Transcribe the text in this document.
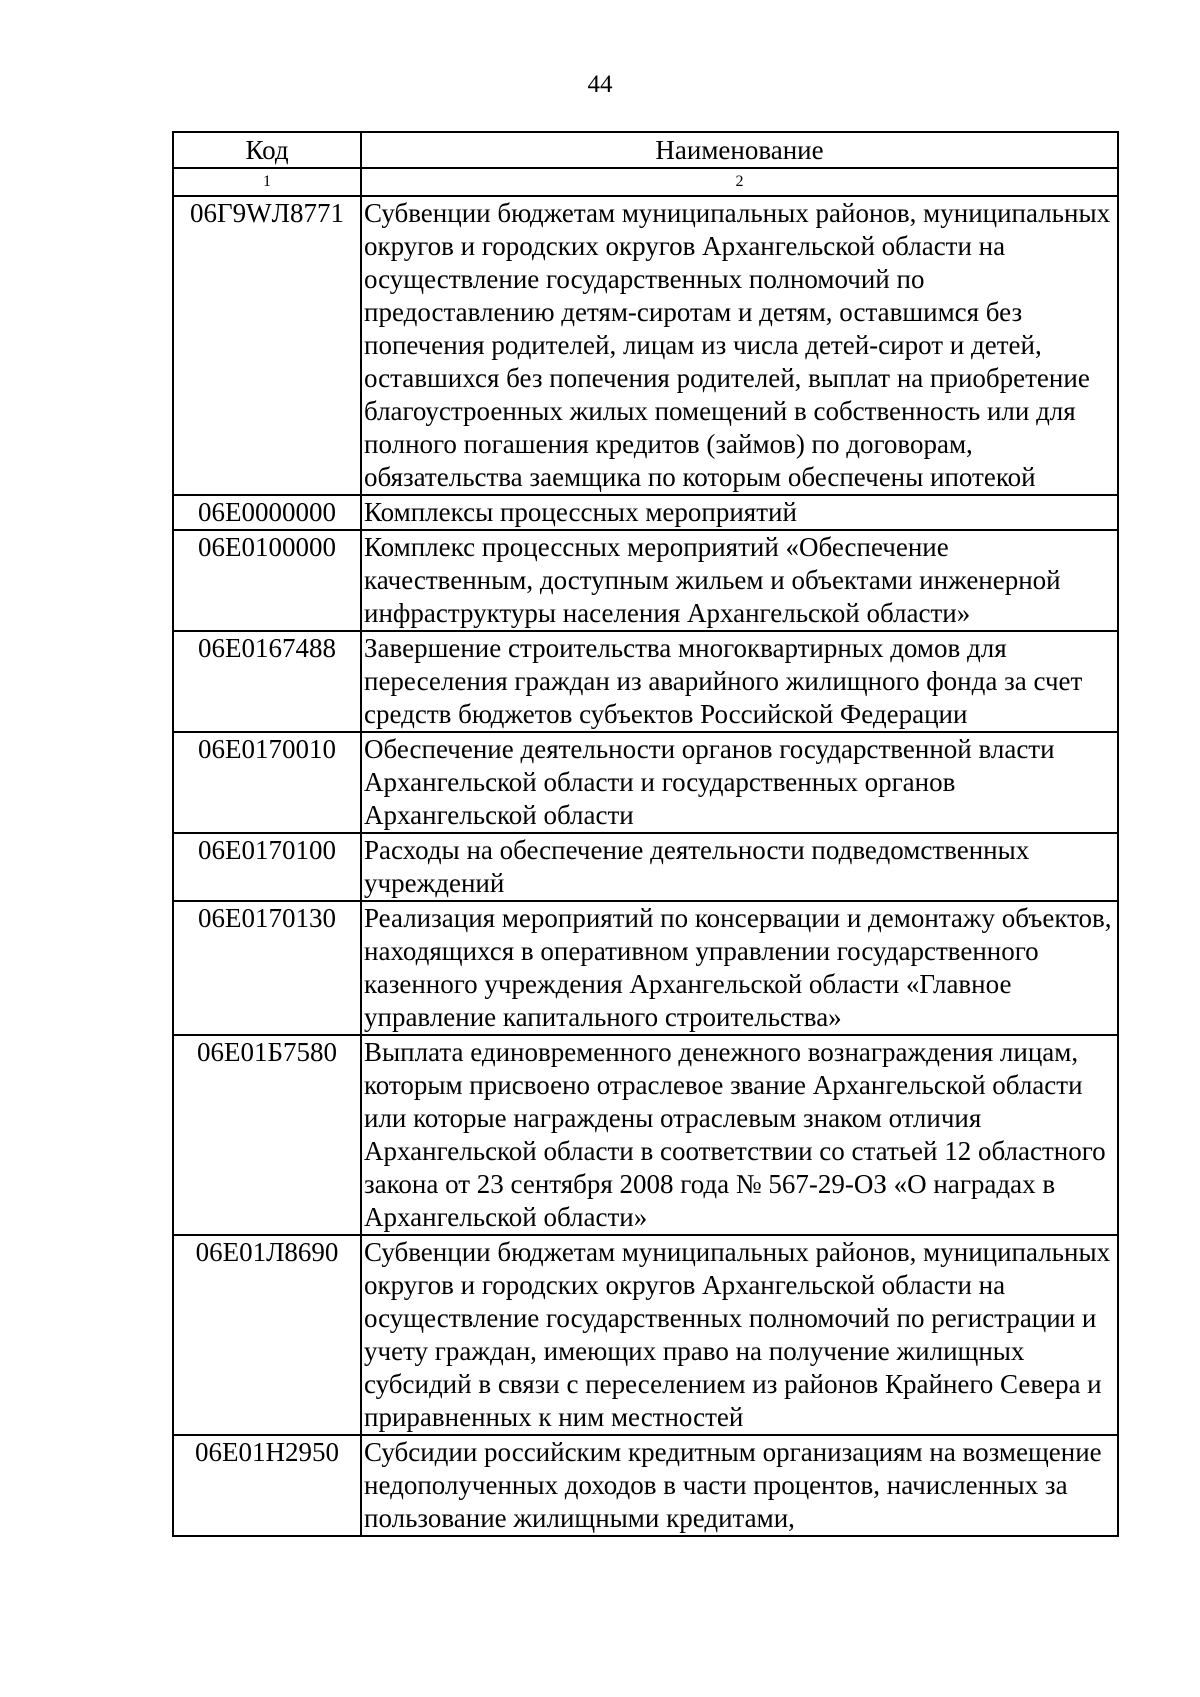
44
Код	Наименование
1	2
06Г9WЛ8771	Субвенции бюджетам муниципальных районов, муниципальных округов и городских округов Архангельской области на осуществление государственных полномочий по предоставлению детям-сиротам и детям, оставшимся без попечения родителей, лицам из числа детей-сирот и детей, оставшихся без попечения родителей, выплат на приобретение благоустроенных жилых помещений в собственность или для полного погашения кредитов (займов) по договорам, обязательства заемщика по которым обеспечены ипотекой
06Е0000000	Комплексы процессных мероприятий
06Е0100000	Комплекс процессных мероприятий «Обеспечение качественным, доступным жильем и объектами инженерной инфраструктуры населения Архангельской области»
06Е0167488	Завершение строительства многоквартирных домов для переселения граждан из аварийного жилищного фонда за счет средств бюджетов субъектов Российской Федерации
06Е0170010	Обеспечение деятельности органов государственной власти Архангельской области и государственных органов Архангельской области
06Е0170100	Расходы на обеспечение деятельности подведомственных учреждений
06Е0170130	Реализация мероприятий по консервации и демонтажу объектов, находящихся в оперативном управлении государственного казенного учреждения Архангельской области «Главное управление капитального строительства»
06Е01Б7580	Выплата единовременного денежного вознаграждения лицам, которым присвоено отраслевое звание Архангельской области или которые награждены отраслевым знаком отличия Архангельской области в соответствии со статьей 12 областного закона от 23 сентября 2008 года № 567-29-ОЗ «О наградах в Архангельской области»
06Е01Л8690	Субвенции бюджетам муниципальных районов, муниципальных округов и городских округов Архангельской области на осуществление государственных полномочий по регистрации и учету граждан, имеющих право на получение жилищных субсидий в связи с переселением из районов Крайнего Севера и приравненных к ним местностей
06Е01Н2950	Субсидии российским кредитным организациям на возмещение недополученных доходов в части процентов, начисленных за пользование жилищными кредитами,
